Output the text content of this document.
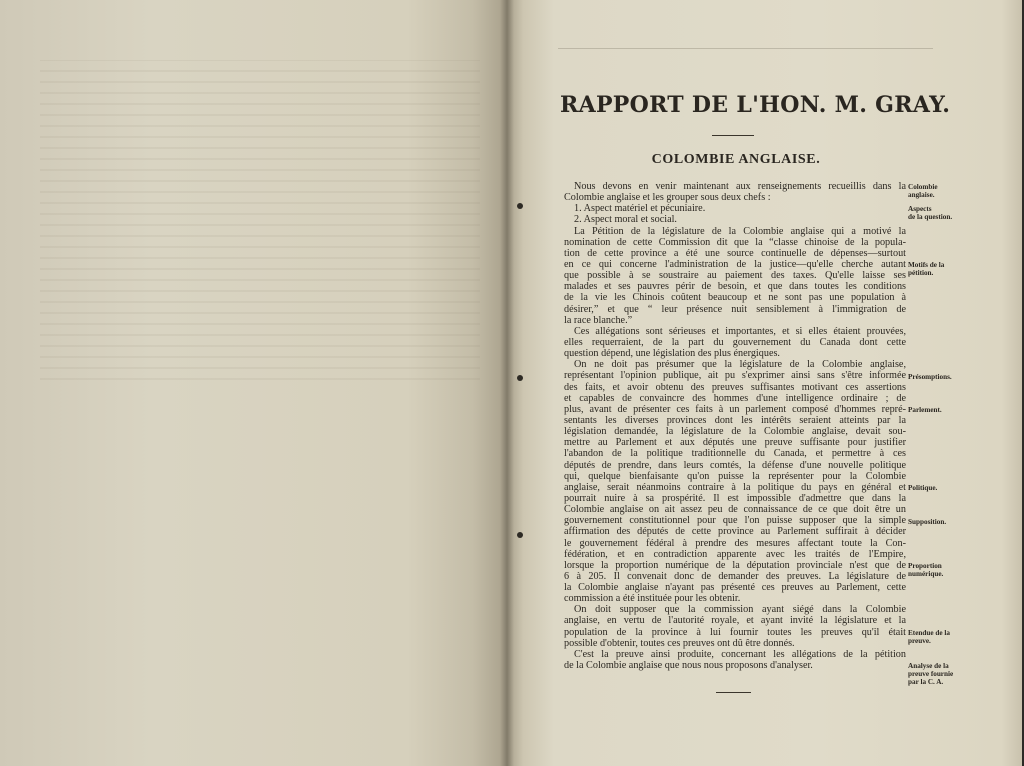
RAPPORT DE L'HON. M. GRAY.
COLOMBIE ANGLAISE.
Nous devons en venir maintenant aux renseignements recueillis dans la
Colombie anglaise et les grouper sous deux chefs :
1. Aspect matériel et pécuniaire.
2. Aspect moral et social.
La Pétition de la législature de la Colombie anglaise qui a motivé la
nomination de cette Commission dit que la “classe chinoise de la popula-
tion de cette province a été une source continuelle de dépenses—surtout
en ce qui concerne l'administration de la justice—qu'elle cherche autant
que possible à se soustraire au paiement des taxes. Qu'elle laisse ses
malades et ses pauvres périr de besoin, et que dans toutes les conditions
de la vie les Chinois coûtent beaucoup et ne sont pas une population à
désirer,” et que “ leur présence nuit sensiblement à l'immigration de
la race blanche.”
Ces allégations sont sérieuses et importantes, et si elles étaient prouvées,
elles requerraient, de la part du gouvernement du Canada dont cette
question dépend, une législation des plus énergiques.
On ne doit pas présumer que la législature de la Colombie anglaise,
représentant l'opinion publique, ait pu s'exprimer ainsi sans s'être informée
des faits, et avoir obtenu des preuves suffisantes motivant ces assertions
et capables de convaincre des hommes d'une intelligence ordinaire ; de
plus, avant de présenter ces faits à un parlement composé d'hommes repré-
sentants les diverses provinces dont les intérêts seraient atteints par la
législation demandée, la législature de la Colombie anglaise, devait sou-
mettre au Parlement et aux députés une preuve suffisante pour justifier
l'abandon de la politique traditionnelle du Canada, et permettre à ces
députés de prendre, dans leurs comtés, la défense d'une nouvelle politique
qui, quelque bienfaisante qu'on puisse la représenter pour la Colombie
anglaise, serait néanmoins contraire à la politique du pays en général et
pourrait nuire à sa prospérité. Il est impossible d'admettre que dans la
Colombie anglaise on ait assez peu de connaissance de ce que doit être un
gouvernement constitutionnel pour que l'on puisse supposer que la simple
affirmation des députés de cette province au Parlement suffirait à décider
le gouvernement fédéral à prendre des mesures affectant toute la Con-
fédération, et en contradiction apparente avec les traités de l'Empire,
lorsque la proportion numérique de la députation provinciale n'est que de
6 à 205. Il convenait donc de demander des preuves. La législature de
la Colombie anglaise n'ayant pas présenté ces preuves au Parlement, cette
commission a été instituée pour les obtenir.
On doit supposer que la commission ayant siégé dans la Colombie
anglaise, en vertu de l'autorité royale, et ayant invité la législature et la
population de la province à lui fournir toutes les preuves qu'il était
possible d'obtenir, toutes ces preuves ont dû être donnés.
C'est la preuve ainsi produite, concernant les allégations de la pétition
de la Colombie anglaise que nous nous proposons d'analyser.
Colombie
anglaise.
Aspects
de la question.
Motifs de la
pétition.
Présomptions.
Parlement.
Politique.
Supposition.
Proportion
numérique.
Etendue de la
preuve.
Analyse de la
preuve fournie
par la C. A.
